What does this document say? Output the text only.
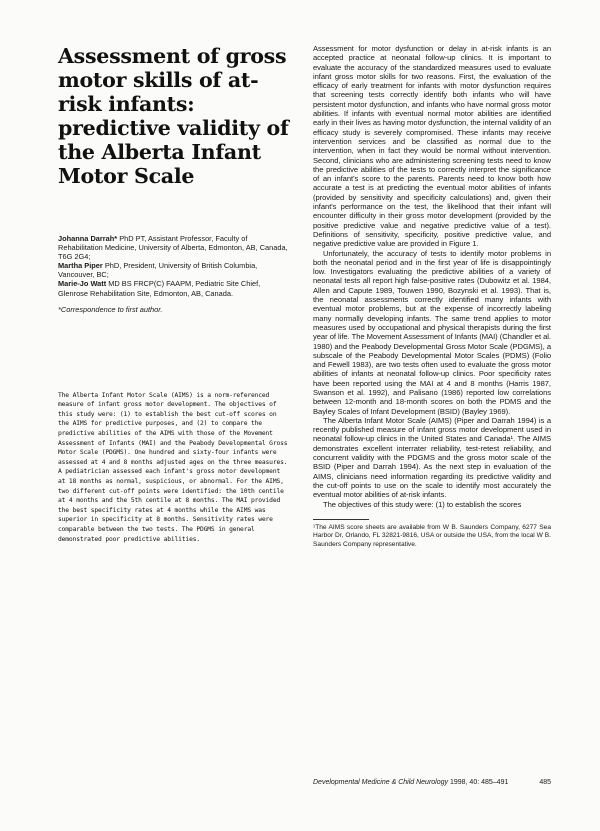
Assessment of gross motor skills of at-risk infants: predictive validity of the Alberta Infant Motor Scale

Johanna Darrah* PhD PT, Assistant Professor, Faculty of Rehabilitation Medicine, University of Alberta, Edmonton, AB, Canada, T6G 2G4;

Martha Piper PhD, President, University of British Columbia, Vancouver, BC;

Marie-Jo Watt MD BS FRCP(C) FAAPM, Pediatric Site Chief, Glenrose Rehabilitation Site, Edmonton, AB, Canada.

*Correspondence to first author.
The Alberta Infant Motor Scale (AIMS) is a norm-referenced measure of infant gross motor development. The objectives of this study were: (1) to establish the best cut-off scores on the AIMS for predictive purposes, and (2) to compare the predictive abilities of the AIMS with those of the Movement Assessment of Infants (MAI) and the Peabody Developmental Gross Motor Scale (PDGMS). One hundred and sixty-four infants were assessed at 4 and 8 months adjusted ages on the three measures. A pediatrician assessed each infant's gross motor development at 18 months as normal, suspicious, or abnormal. For the AIMS, two different cut-off points were identified: the 10th centile at 4 months and the 5th centile at 8 months. The MAI provided the best specificity rates at 4 months while the AIMS was superior in specificity at 8 months. Sensitivity rates were comparable between the two tests. The PDGMS in general demonstrated poor predictive abilities.

Assessment for motor dysfunction or delay in at-risk infants is an accepted practice at neonatal follow-up clinics. It is important to evaluate the accuracy of the standardized measures used to evaluate infant gross motor skills for two reasons. First, the evaluation of the efficacy of early treatment for infants with motor dysfunction requires that screening tests correctly identify both infants who will have persistent motor dysfunction, and infants who have normal gross motor abilities. If infants with eventual normal motor abilities are identified early in their lives as having motor dysfunction, the internal validity of an efficacy study is severely compromised. These infants may receive intervention services and be classified as normal due to the intervention, when in fact they would be normal without intervention. Second, clinicians who are administering screening tests need to know the predictive abilities of the tests to correctly interpret the significance of an infant's score to the parents. Parents need to know both how accurate a test is at predicting the eventual motor abilities of infants (provided by sensitivity and specificity calculations) and, given their infant's performance on the test, the likelihood that their infant will encounter difficulty in their gross motor development (provided by the positive predictive value and negative predictive value of a test). Definitions of sensitivity, specificity, positive predictive value, and negative predictive value are provided in Figure 1.

Unfortunately, the accuracy of tests to identify motor problems in both the neonatal period and in the first year of life is disappointingly low. Investigators evaluating the predictive abilities of a variety of neonatal tests all report high false-positive rates (Dubowitz et al. 1984, Allen and Capute 1989, Touwen 1990, Bozynski et al. 1993). That is, the neonatal assessments correctly identified many infants with eventual motor problems, but at the expense of incorrectly labeling many normally developing infants. The same trend applies to motor measures used by occupational and physical therapists during the first year of life. The Movement Assessment of Infants (MAI) (Chandler et al. 1980) and the Peabody Developmental Gross Motor Scale (PDGMS), a subscale of the Peabody Developmental Motor Scales (PDMS) (Folio and Fewell 1983), are two tests often used to evaluate the gross motor abilities of infants at neonatal follow-up clinics. Poor specificity rates have been reported using the MAI at 4 and 8 months (Harris 1987, Swanson et al. 1992), and Palisano (1986) reported low correlations between 12-month and 18-month scores on both the PDMS and the Bayley Scales of Infant Development (BSID) (Bayley 1969).

The Alberta Infant Motor Scale (AIMS) (Piper and Darrah 1994) is a recently published measure of infant gross motor development used in neonatal follow-up clinics in the United States and Canada¹. The AIMS demonstrates excellent interrater reliability, test-retest reliability, and concurrent validity with the PDGMS and the gross motor scale of the BSID (Piper and Darrah 1994). As the next step in evaluation of the AIMS, clinicians need information regarding its predictive validity and the cut-off points to use on the scale to identify most accurately the eventual motor abilities of at-risk infants.

The objectives of this study were: (1) to establish the scores

¹The AIMS score sheets are available from W B. Saunders Company, 6277 Sea Harbor Dr, Orlando, FL 32821-9816, USA or outside the USA, from the local W B. Saunders Company representative.
Developmental Medicine & Child Neurology 1998, 40: 485–491	485
